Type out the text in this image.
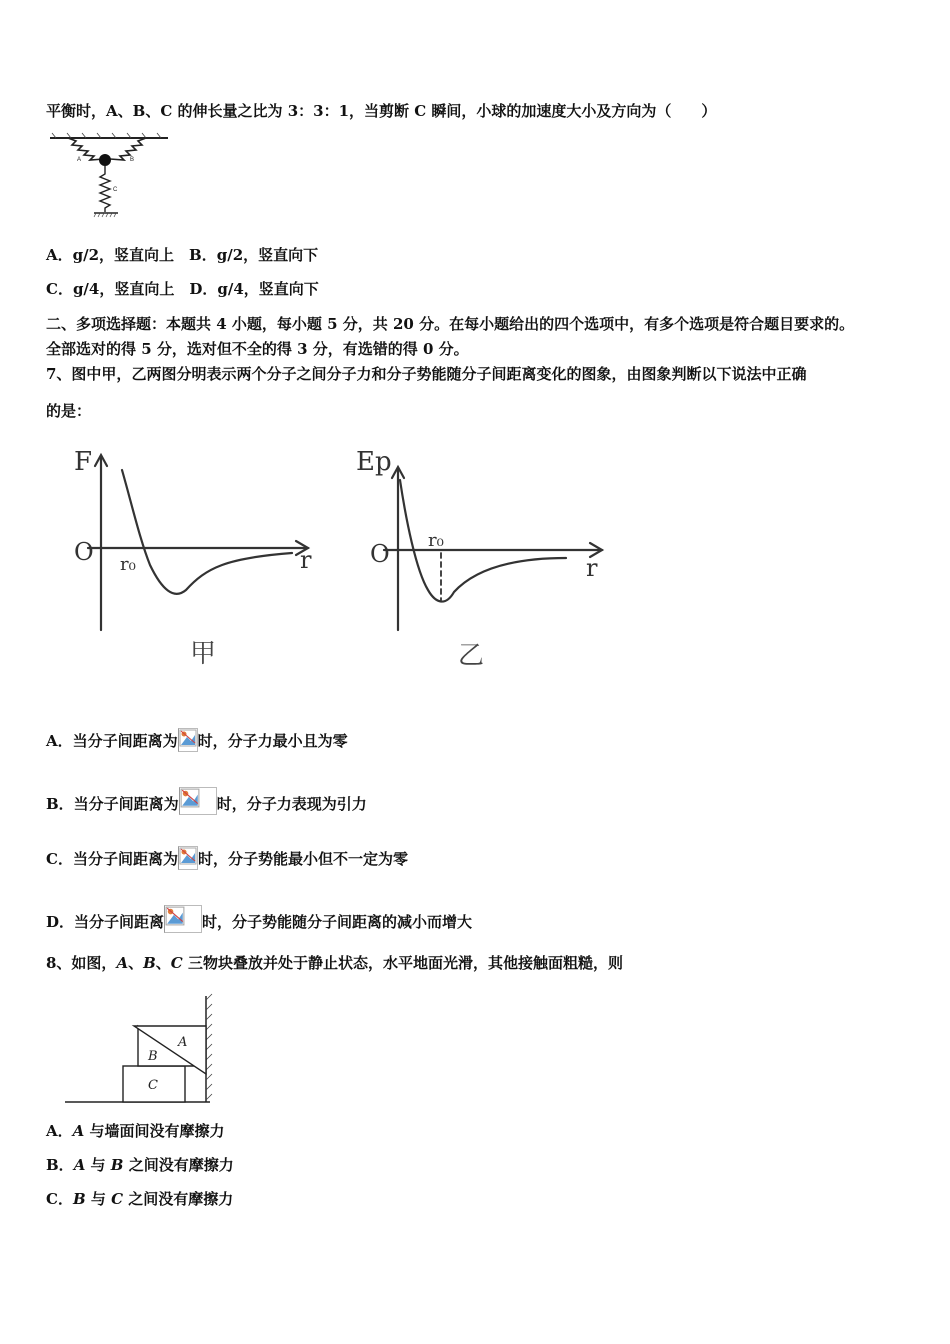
平衡时，A、B、C 的伸长量之比为 3：3：1，当剪断 C 瞬间，小球的加速度大小及方向为（　　）
A	B
C
A．g/2，竖直向上　B．g/2，竖直向下
C．g/4，竖直向上　D．g/4，竖直向下
二、多项选择题：本题共 4 小题，每小题 5 分，共 20 分。在每小题给出的四个选项中，有多个选项是符合题目要求的。
全部选对的得 5 分，选对但不全的得 3 分，有选错的得 0 分。
7、图中甲，乙两图分明表示两个分子之间分子力和分子势能随分子间距离变化的图象，由图象判断以下说法中正确
的是：
F
O r₀	r
甲
Ep
O r₀
r
乙
A．当分子间距离为 时，分子力最小且为零
B．当分子间距离为	时，分子力表现为引力
C．当分子间距离为 时，分子势能最小但不一定为零
D．当分子间距离	时，分子势能随分子间距离的减小而增大
8、如图，A、B、C 三物块叠放并处于静止状态，水平地面光滑，其他接触面粗糙，则
A
B
C
A．A 与墙面间没有摩擦力
B．A 与 B 之间没有摩擦力
C．B 与 C 之间没有摩擦力
